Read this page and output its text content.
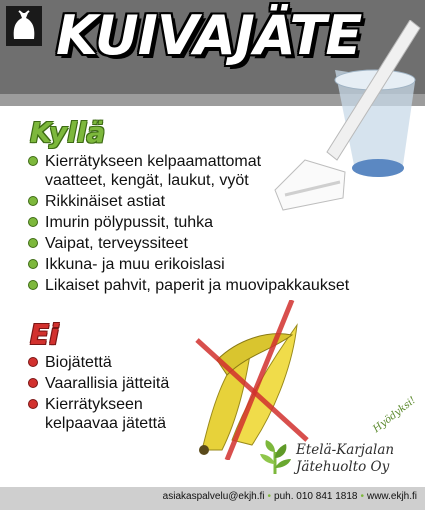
KUIVAJÄTE
Kyllä
Kierrätykseen kelpaamattomat
vaatteet, kengät, laukut, vyöt
Rikkinäiset astiat
Imurin pölypussit, tuhka
Vaipat, terveyssiteet
Ikkuna- ja muu erikoislasi
Likaiset pahvit, paperit ja muovipakkaukset
Ei
Biojätettä
Vaarallisia jätteitä
Kierrätykseen
kelpaavaa jätettä
Etelä-Karjalan
Jätehuolto Oy
Hyödyksi!
asiakaspalvelu@ekjh.fi • puh. 010 841 1818 • www.ekjh.fi
